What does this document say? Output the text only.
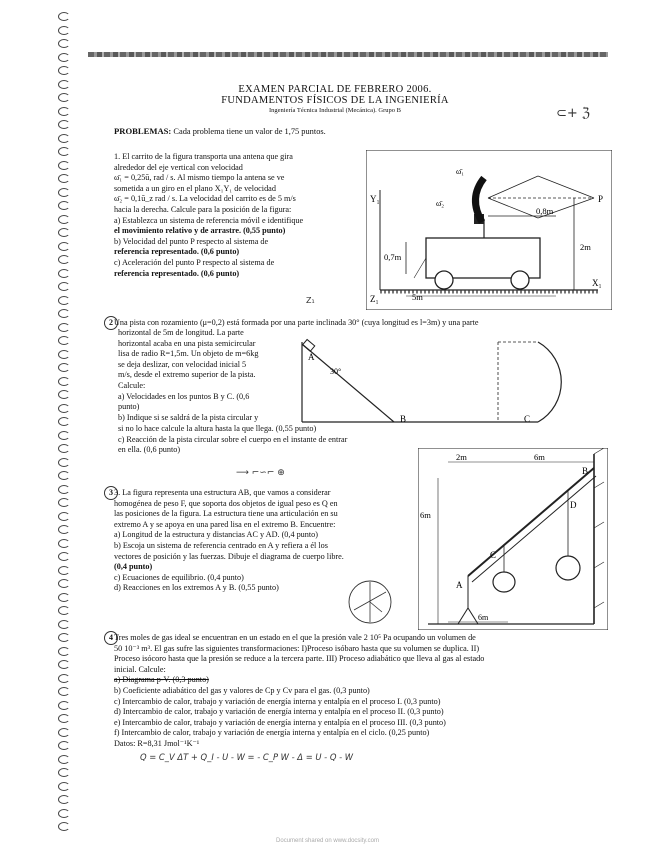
EXAMEN PARCIAL DE FEBRERO 2006.
FUNDAMENTOS FÍSICOS DE LA INGENIERÍA
Ingeniería Técnica Industrial (Mecánica). Grupo B	⊂+ ℨ
PROBLEMAS: Cada problema tiene un valor de 1,75 puntos.
1. El carrito de la figura transporta una antena que gira
alrededor del eje vertical con velocidad
ω̄₁ = 0,25ū, rad / s. Al mismo tiempo la antena se ve
sometida a un giro en el plano X₁Y₁ de velocidad
ω̄₂ = 0,1ū_z rad / s. La velocidad del carrito es de 5 m/s
hacia la derecha. Calcule para la posición de la figura:
a) Establezca un sistema de referencia móvil e identifique
el movimiento relativo y de arrastre. (0,55 punto)
b) Velocidad del punto P respecto al sistema de
referencia representado. (0,6 punto)
c) Aceleración del punto P respecto al sistema de
referencia representado. (0,6 punto)
P
Y₁
X₁
Z₁
0,8m
2m
0,7m
5m
ω̄₁
ω̄₂
Z₁
2 Una pista con rozamiento (μ=0,2) está formada por una parte inclinada 30° (cuya longitud es l=3m) y una parte
horizontal de 5m de longitud. La parte
horizontal acaba en una pista semicircular
lisa de radio R=1,5m. Un objeto de m=6kg
se deja deslizar, con velocidad inicial 5
m/s, desde el extremo superior de la pista.
Calcule:
a) Velocidades en los puntos B y C. (0,6
punto)
b) Indique si se saldrá de la pista circular y
si no lo hace calcule la altura hasta la que llega. (0,55 punto)
c) Reacción de la pista circular sobre el cuerpo en el instante de entrar
en ella. (0,6 punto)
A
B	C
30°
⟶ ⌐∽⌐ ⊕
3 3. La figura representa una estructura AB, que vamos a considerar
homogénea de peso F, que soporta dos objetos de igual peso es Q en
las posiciones de la figura. La estructura tiene una articulación en su
extremo A y se apoya en una pared lisa en el extremo B. Encuentre:
a) Longitud de la estructura y distancias AC y AD. (0,4 punto)
b) Escoja un sistema de referencia centrado en A y refiera a él los
vectores de posición y las fuerzas. Dibuje el diagrama de cuerpo libre.
(0,4 punto)
c) Ecuaciones de equilibrio. (0,4 punto)
d) Reacciones en los extremos A y B. (0,55 punto)
2m	6m
6m
6m
B
C
D
A
4 Tres moles de gas ideal se encuentran en un estado en el que la presión vale 2 10⁵ Pa ocupando un volumen de
50 10⁻³ m³. El gas sufre las siguientes transformaciones: I)Proceso isóbaro hasta que su volumen se duplica. II)
Proceso isócoro hasta que la presión se reduce a la tercera parte. III) Proceso adiabático que lleva al gas al estado
inicial. Calcule:
a) Diagrama p-V. (0,3 punto)
b) Coeficiente adiabático del gas y valores de Cp y Cv para el gas. (0,3 punto)
c) Intercambio de calor, trabajo y variación de energía interna y entalpía en el proceso I. (0,3 punto)
d) Intercambio de calor, trabajo y variación de energía interna y entalpía en el proceso II. (0,3 punto)
e) Intercambio de calor, trabajo y variación de energía interna y entalpía en el proceso III. (0,3 punto)
f) Intercambio de calor, trabajo y variación de energía interna y entalpía en el ciclo. (0,25 punto)
Datos: R=8,31 Jmol⁻¹K⁻¹
Q = C_V ΔT + Q_I - U - W = - C_P W - Δ = U - Q - W
Document shared on www.docsity.com
